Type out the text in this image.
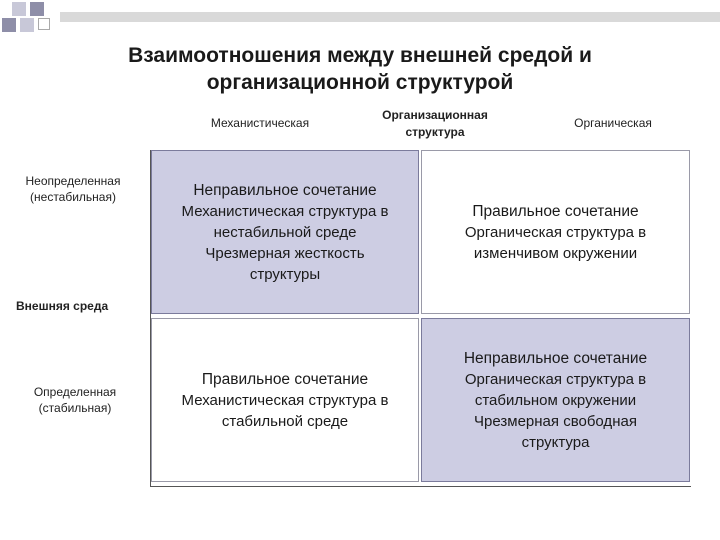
Взаимоотношения между внешней средой и
организационной структурой
Механистическая
Организационная
структура
Органическая
Неопределенная
(нестабильная)
Внешняя среда
Определенная
(стабильная)
Неправильное сочетание
Механистическая структура в
нестабильной среде
Чрезмерная жесткость
структуры
Правильное сочетание
Органическая структура в
изменчивом окружении
Правильное сочетание
Механистическая структура в
стабильной среде
Неправильное сочетание
Органическая структура в
стабильном окружении
Чрезмерная свободная
структура
